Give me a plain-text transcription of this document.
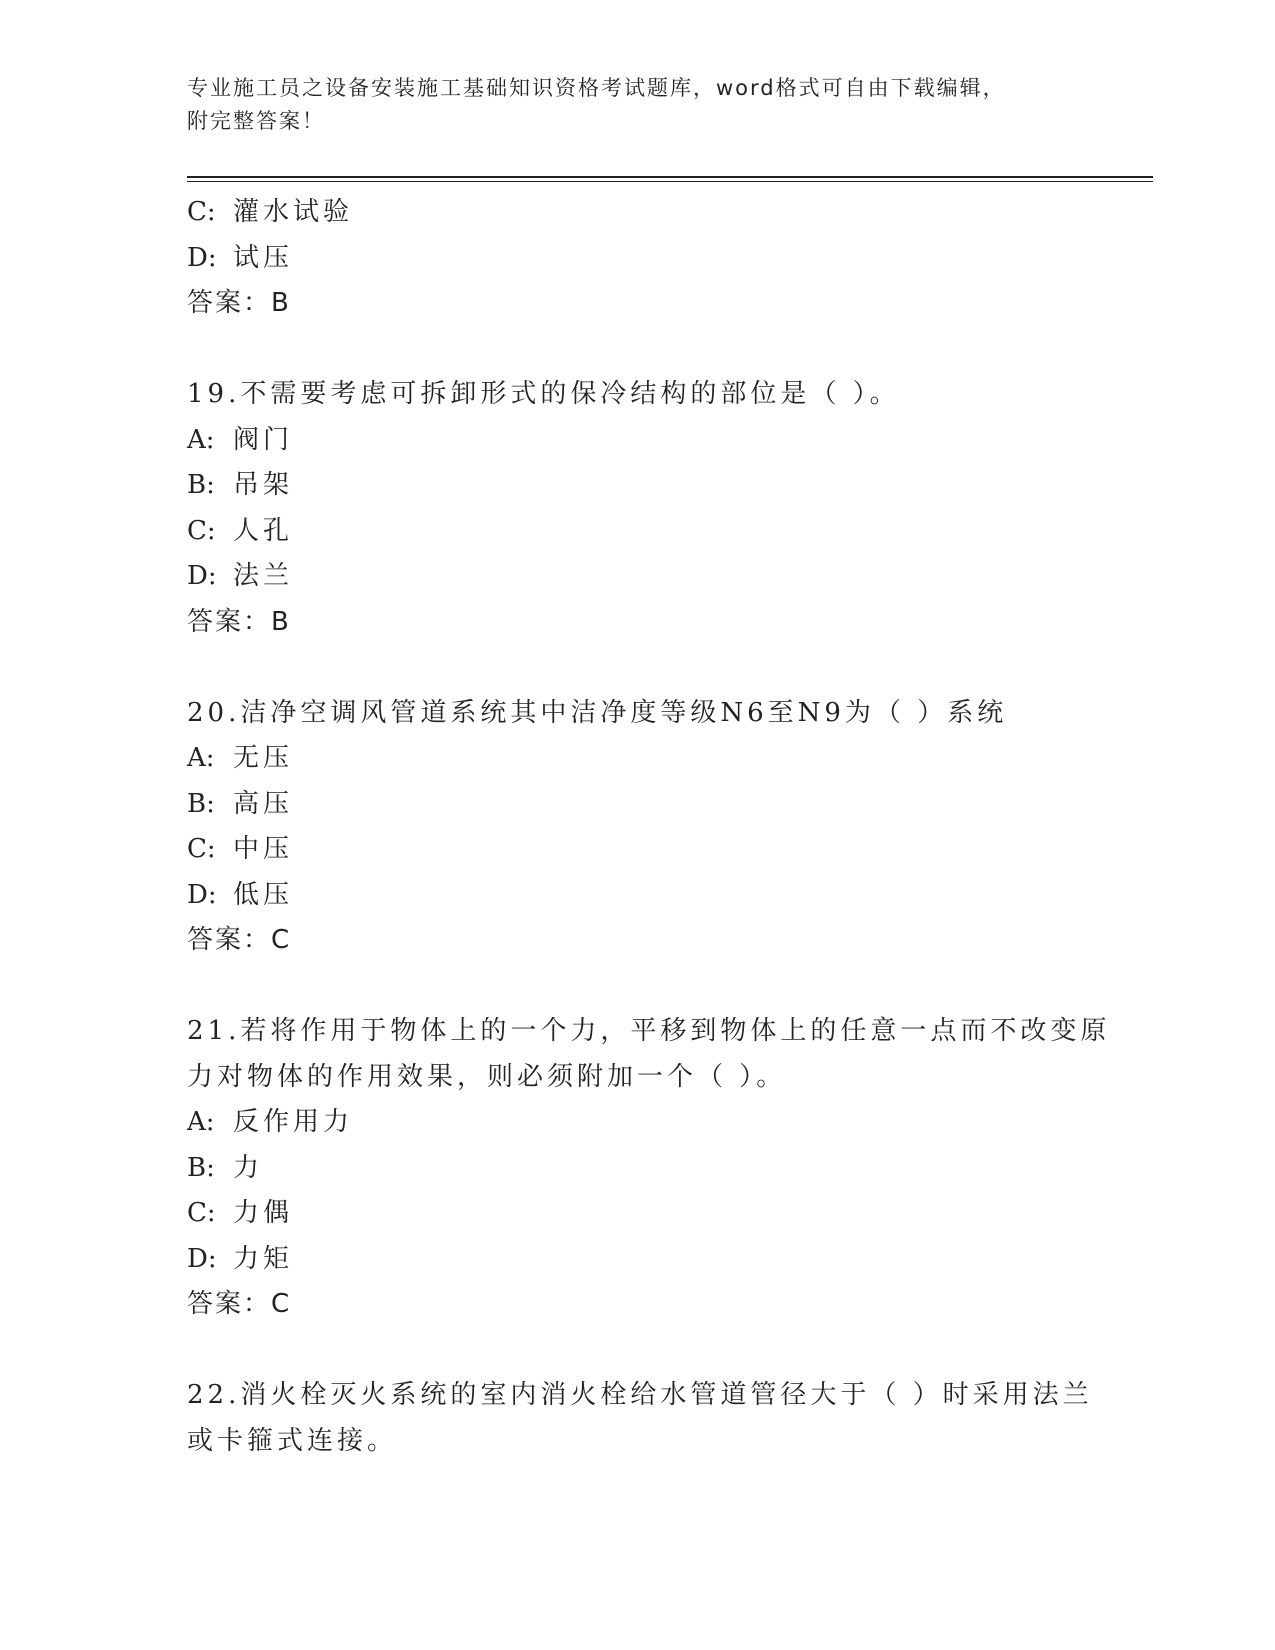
专业施工员之设备安装施工基础知识资格考试题库，word格式可自由下载编辑，
附完整答案！
C: 灌水试验
D: 试压
答案：B
19.不需要考虑可拆卸形式的保冷结构的部位是（ ）。
A: 阀门
B: 吊架
C: 人孔
D: 法兰
答案：B
20.洁净空调风管道系统其中洁净度等级N6至N9为（ ）系统
A: 无压
B: 高压
C: 中压
D: 低压
答案：C
21.若将作用于物体上的一个力，平移到物体上的任意一点而不改变原
力对物体的作用效果，则必须附加一个（ ）。
A: 反作用力
B: 力
C: 力偶
D: 力矩
答案：C
22.消火栓灭火系统的室内消火栓给水管道管径大于（ ）时采用法兰
或卡箍式连接。
